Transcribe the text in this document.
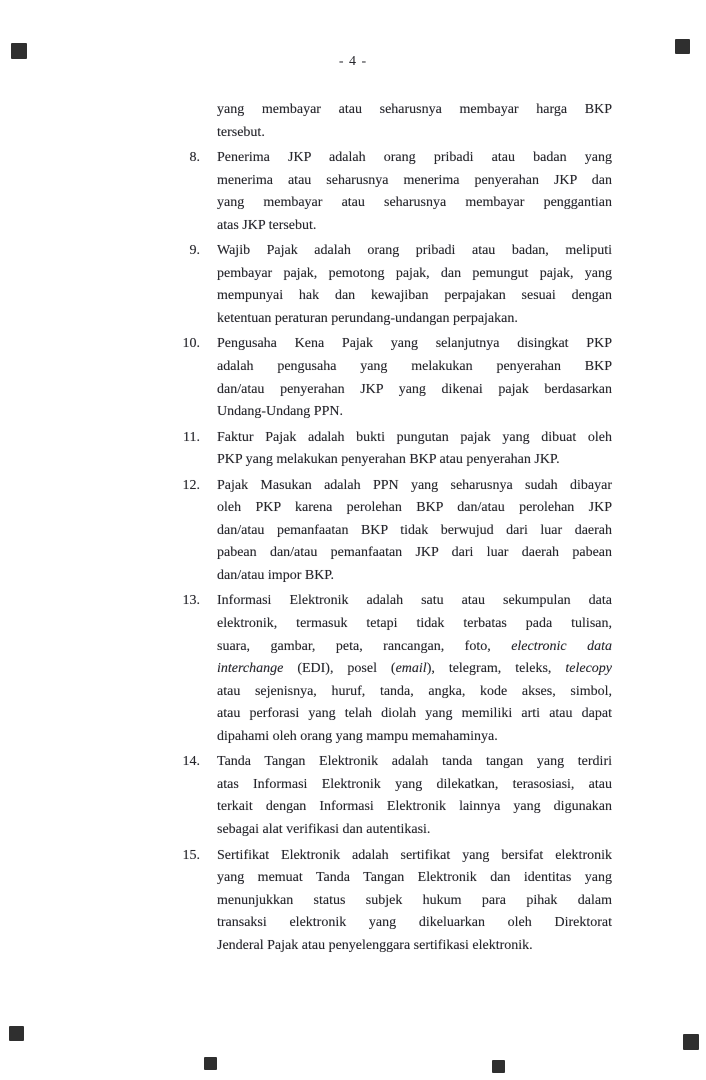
- 4 -
yang membayar atau seharusnya membayar harga BKP
tersebut.
8. Penerima JKP adalah orang pribadi atau badan yang
menerima atau seharusnya menerima penyerahan JKP dan
yang membayar atau seharusnya membayar penggantian
atas JKP tersebut.
9. Wajib Pajak adalah orang pribadi atau badan, meliputi
pembayar pajak, pemotong pajak, dan pemungut pajak, yang
mempunyai hak dan kewajiban perpajakan sesuai dengan
ketentuan peraturan perundang-undangan perpajakan.
10. Pengusaha Kena Pajak yang selanjutnya disingkat PKP
adalah pengusaha yang melakukan penyerahan BKP
dan/atau penyerahan JKP yang dikenai pajak berdasarkan
Undang-Undang PPN.
11. Faktur Pajak adalah bukti pungutan pajak yang dibuat oleh
PKP yang melakukan penyerahan BKP atau penyerahan JKP.
12. Pajak Masukan adalah PPN yang seharusnya sudah dibayar
oleh PKP karena perolehan BKP dan/atau perolehan JKP
dan/atau pemanfaatan BKP tidak berwujud dari luar daerah
pabean dan/atau pemanfaatan JKP dari luar daerah pabean
dan/atau impor BKP.
13. Informasi Elektronik adalah satu atau sekumpulan data
elektronik, termasuk tetapi tidak terbatas pada tulisan,
suara, gambar, peta, rancangan, foto, electronic data
interchange (EDI), posel (email), telegram, teleks, telecopy
atau sejenisnya, huruf, tanda, angka, kode akses, simbol,
atau perforasi yang telah diolah yang memiliki arti atau dapat
dipahami oleh orang yang mampu memahaminya.
14. Tanda Tangan Elektronik adalah tanda tangan yang terdiri
atas Informasi Elektronik yang dilekatkan, terasosiasi, atau
terkait dengan Informasi Elektronik lainnya yang digunakan
sebagai alat verifikasi dan autentikasi.
15. Sertifikat Elektronik adalah sertifikat yang bersifat elektronik
yang memuat Tanda Tangan Elektronik dan identitas yang
menunjukkan status subjek hukum para pihak dalam
transaksi elektronik yang dikeluarkan oleh Direktorat
Jenderal Pajak atau penyelenggara sertifikasi elektronik.
